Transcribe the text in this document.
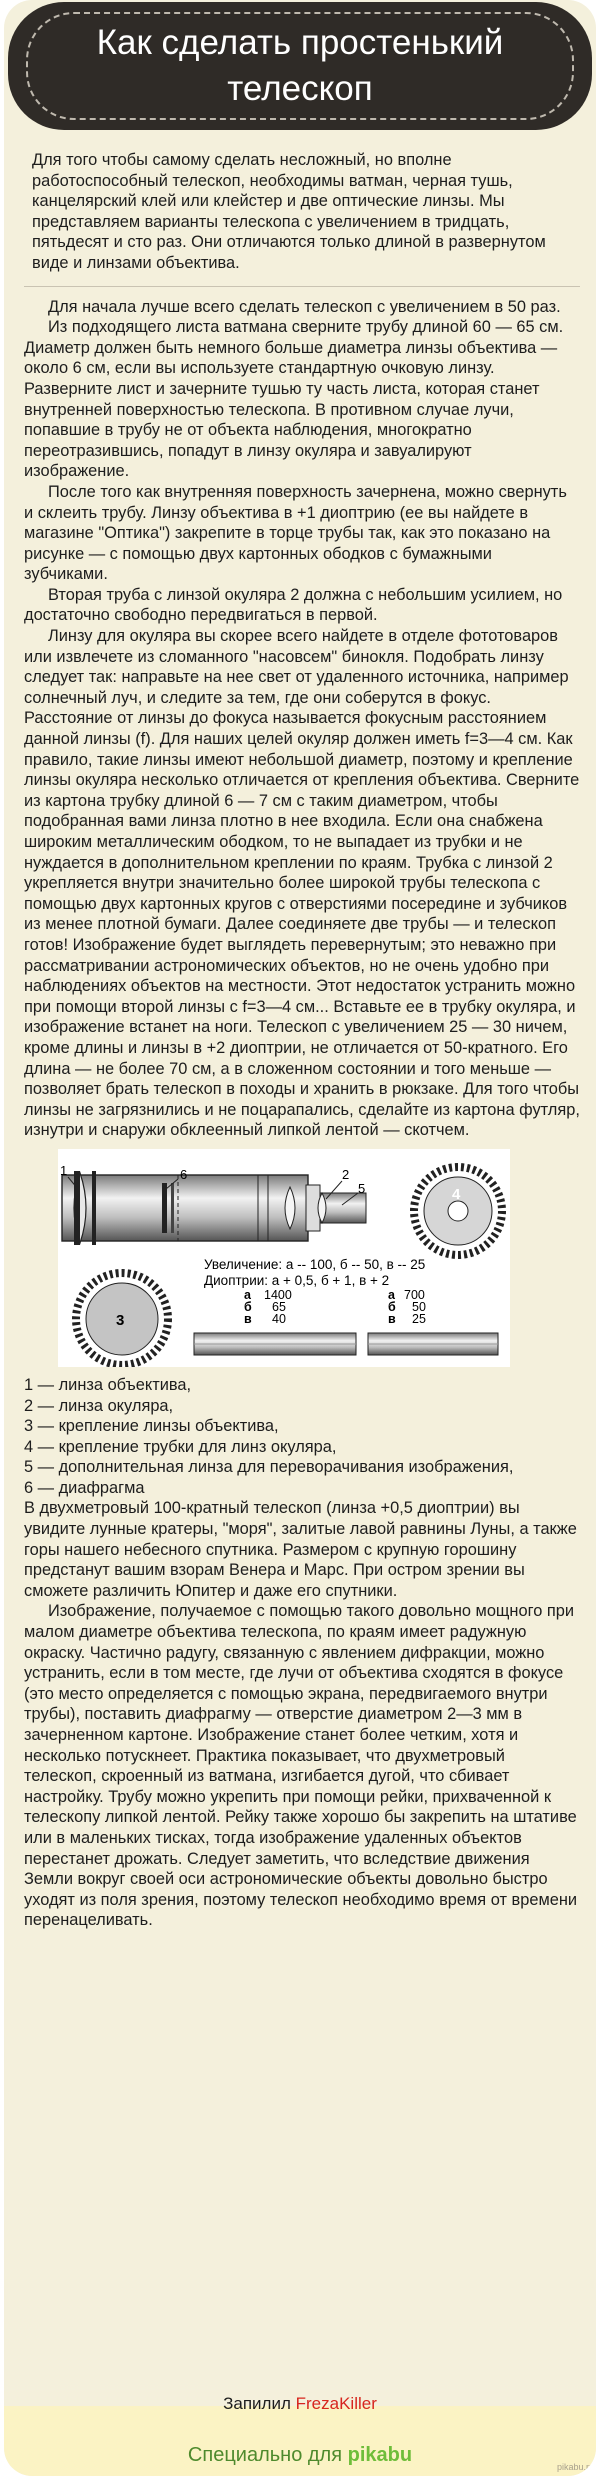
Как сделать простенький телескоп

Для того чтобы самому сделать несложный, но вполне работоспособный телескоп, необходимы ватман, черная тушь, канцелярский клей или клейстер и две оптические линзы. Мы представляем варианты телескопа с увеличением в тридцать, пятьдесят и сто раз. Они отличаются только длиной в развернутом виде и линзами объектива.

Для начала лучше всего сделать телескоп с увеличением в 50 раз.

Из подходящего листа ватмана сверните трубу длиной 60 — 65 см. Диаметр должен быть немного больше диаметра линзы объектива — около 6 см, если вы используете стандартную очковую линзу. Разверните лист и зачерните тушью ту часть листа, которая станет внутренней поверхностью телескопа. В противном случае лучи, попавшие в трубу не от объекта наблюдения, многократно переотразившись, попадут в линзу окуляра и завуалируют изображение.

После того как внутренняя поверхность зачернена, можно свернуть и склеить трубу. Линзу объектива в +1 диоптрию (ее вы найдете в магазине "Оптика") закрепите в торце трубы так, как это показано на рисунке — с помощью двух картонных ободков с бумажными зубчиками.

Вторая труба с линзой окуляра 2 должна с небольшим усилием, но достаточно свободно передвигаться в первой.

Линзу для окуляра вы скорее всего найдете в отделе фототоваров или извлечете из сломанного "насовсем" бинокля. Подобрать линзу следует так: направьте на нее свет от удаленного источника, например солнечный луч, и следите за тем, где они соберутся в фокус. Расстояние от линзы до фокуса называется фокусным расстоянием данной линзы (f). Для наших целей окуляр должен иметь f=3—4 см. Как правило, такие линзы имеют небольшой диаметр, поэтому и крепление линзы окуляра несколько отличается от крепления объектива. Сверните из картона трубку длиной 6 — 7 см с таким диаметром, чтобы подобранная вами линза плотно в нее входила. Если она снабжена широким металлическим ободком, то не выпадает из трубки и не нуждается в дополнительном креплении по краям. Трубка с линзой 2 укрепляется внутри значительно более широкой трубы телескопа с помощью двух картонных кругов с отверстиями посередине и зубчиков из менее плотной бумаги. Далее соединяете две трубы — и телескоп готов! Изображение будет выглядеть перевернутым; это неважно при рассматривании астрономических объектов, но не очень удобно при наблюдениях объектов на местности. Этот недостаток устранить можно при помощи второй линзы с f=3—4 см... Вставьте ее в трубку окуляра, и изображение встанет на ноги. Телескоп с увеличением 25 — 30 ничем, кроме длины и линзы в +2 диоптрии, не отличается от 50-кратного. Его длина — не более 70 см, а в сложенном состоянии и того меньше — позволяет брать телескоп в походы и хранить в рюкзаке. Для того чтобы линзы не загрязнились и не поцарапались, сделайте из картона футляр, изнутри и снаружи обклеенный липкой лентой — скотчем.

1	6	2
5	4
3
Увеличение: а -- 100, б -- 50, в -- 25
Диоптрии: а + 0,5, б + 1, в + 2
а 1400
б 65
в 40
а 700
б 50
в 25
1 — линза объектива,
2 — линза окуляра,
3 — крепление линзы объектива,
4 — крепление трубки для линз окуляра,
5 — дополнительная линза для переворачивания изображения,
6 — диафрагма

В двухметровый 100-кратный телескоп (линза +0,5 диоптрии) вы увидите лунные кратеры, "моря", залитые лавой равнины Луны, а также горы нашего небесного спутника. Размером с крупную горошину предстанут вашим взорам Венера и Марс. При остром зрении вы сможете различить Юпитер и даже его спутники.

Изображение, получаемое с помощью такого довольно мощного при малом диаметре объектива телескопа, по краям имеет радужную окраску. Частично радугу, связанную с явлением дифракции, можно устранить, если в том месте, где лучи от объектива сходятся в фокусе (это место определяется с помощью экрана, передвигаемого внутри трубы), поставить диафрагму — отверстие диаметром 2—3 мм в зачерненном картоне. Изображение станет более четким, хотя и несколько потускнеет. Практика показывает, что двухметровый телескоп, скроенный из ватмана, изгибается дугой, что сбивает настройку. Трубу можно укрепить при помощи рейки, прихваченной к телескопу липкой лентой. Рейку также хорошо бы закрепить на штативе или в маленьких тисках, тогда изображение удаленных объектов перестанет дрожать. Следует заметить, что вследствие движения Земли вокруг своей оси астрономические объекты довольно быстро уходят из поля зрения, поэтому телескоп необходимо время от времени перенацеливать.

Запилил FrezaKiller
Специально для pikabu
pikabu.ru
